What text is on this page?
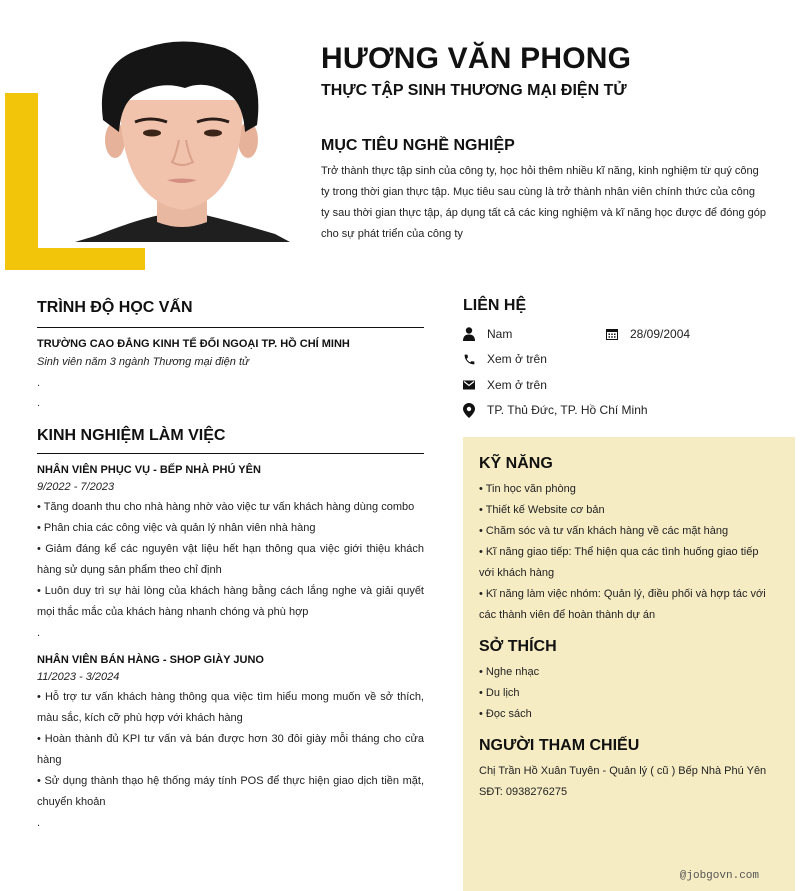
HƯƠNG VĂN PHONG
THỰC TẬP SINH THƯƠNG MẠI ĐIỆN TỬ
MỤC TIÊU NGHỀ NGHIỆP
Trở thành thực tập sinh của công ty, học hỏi thêm nhiều kĩ năng, kinh nghiệm từ quý công ty trong thời gian thực tập. Mục tiêu sau cùng là trở thành nhân viên chính thức của công ty sau thời gian thực tập, áp dụng tất cả các king nghiệm và kĩ năng học được để đóng góp cho sự phát triển của công ty
TRÌNH ĐỘ HỌC VẤN
TRƯỜNG CAO ĐẲNG KINH TẾ ĐỐI NGOẠI TP. HỒ CHÍ MINH
Sinh viên năm 3 ngành Thương mại điện tử
.
.
KINH NGHIỆM LÀM VIỆC
NHÂN VIÊN PHỤC VỤ - BẾP NHÀ PHÚ YÊN
9/2022 - 7/2023
• Tăng doanh thu cho nhà hàng nhờ vào việc tư vấn khách hàng dùng combo
• Phân chia các công việc và quản lý nhân viên nhà hàng
• Giảm đáng kể các nguyên vật liệu hết hạn thông qua việc giới thiệu khách hàng sử dụng sản phẩm theo chỉ định
• Luôn duy trì sự hài lòng của khách hàng bằng cách lắng nghe và giải quyết mọi thắc mắc của khách hàng nhanh chóng và phù hợp
.
NHÂN VIÊN BÁN HÀNG - SHOP GIÀY JUNO
11/2023 - 3/2024
• Hỗ trợ tư vấn khách hàng thông qua việc tìm hiểu mong muốn về sở thích, màu sắc, kích cỡ phù hợp với khách hàng
• Hoàn thành đủ KPI tư vấn và bán được hơn 30 đôi giày mỗi tháng cho cửa hàng
• Sử dụng thành thạo hệ thống máy tính POS để thực hiện giao dịch tiền mặt, chuyển khoản
.
LIÊN HỆ
Nam	28/09/2004
Xem ở trên
Xem ở trên
TP. Thủ Đức, TP. Hồ Chí Minh
KỸ NĂNG
• Tin học văn phòng
• Thiết kế Website cơ bản
• Chăm sóc và tư vấn khách hàng về các mặt hàng
• Kĩ năng giao tiếp: Thể hiện qua các tình huống giao tiếp với khách hàng
• Kĩ năng làm việc nhóm: Quản lý, điều phối và hợp tác với các thành viên để hoàn thành dự án
SỞ THÍCH
• Nghe nhạc
• Du lịch
• Đọc sách
NGƯỜI THAM CHIẾU
Chị Trần Hồ Xuân Tuyên - Quản lý ( cũ ) Bếp Nhà Phú Yên
SĐT: 0938276275
@jobgovn.com
